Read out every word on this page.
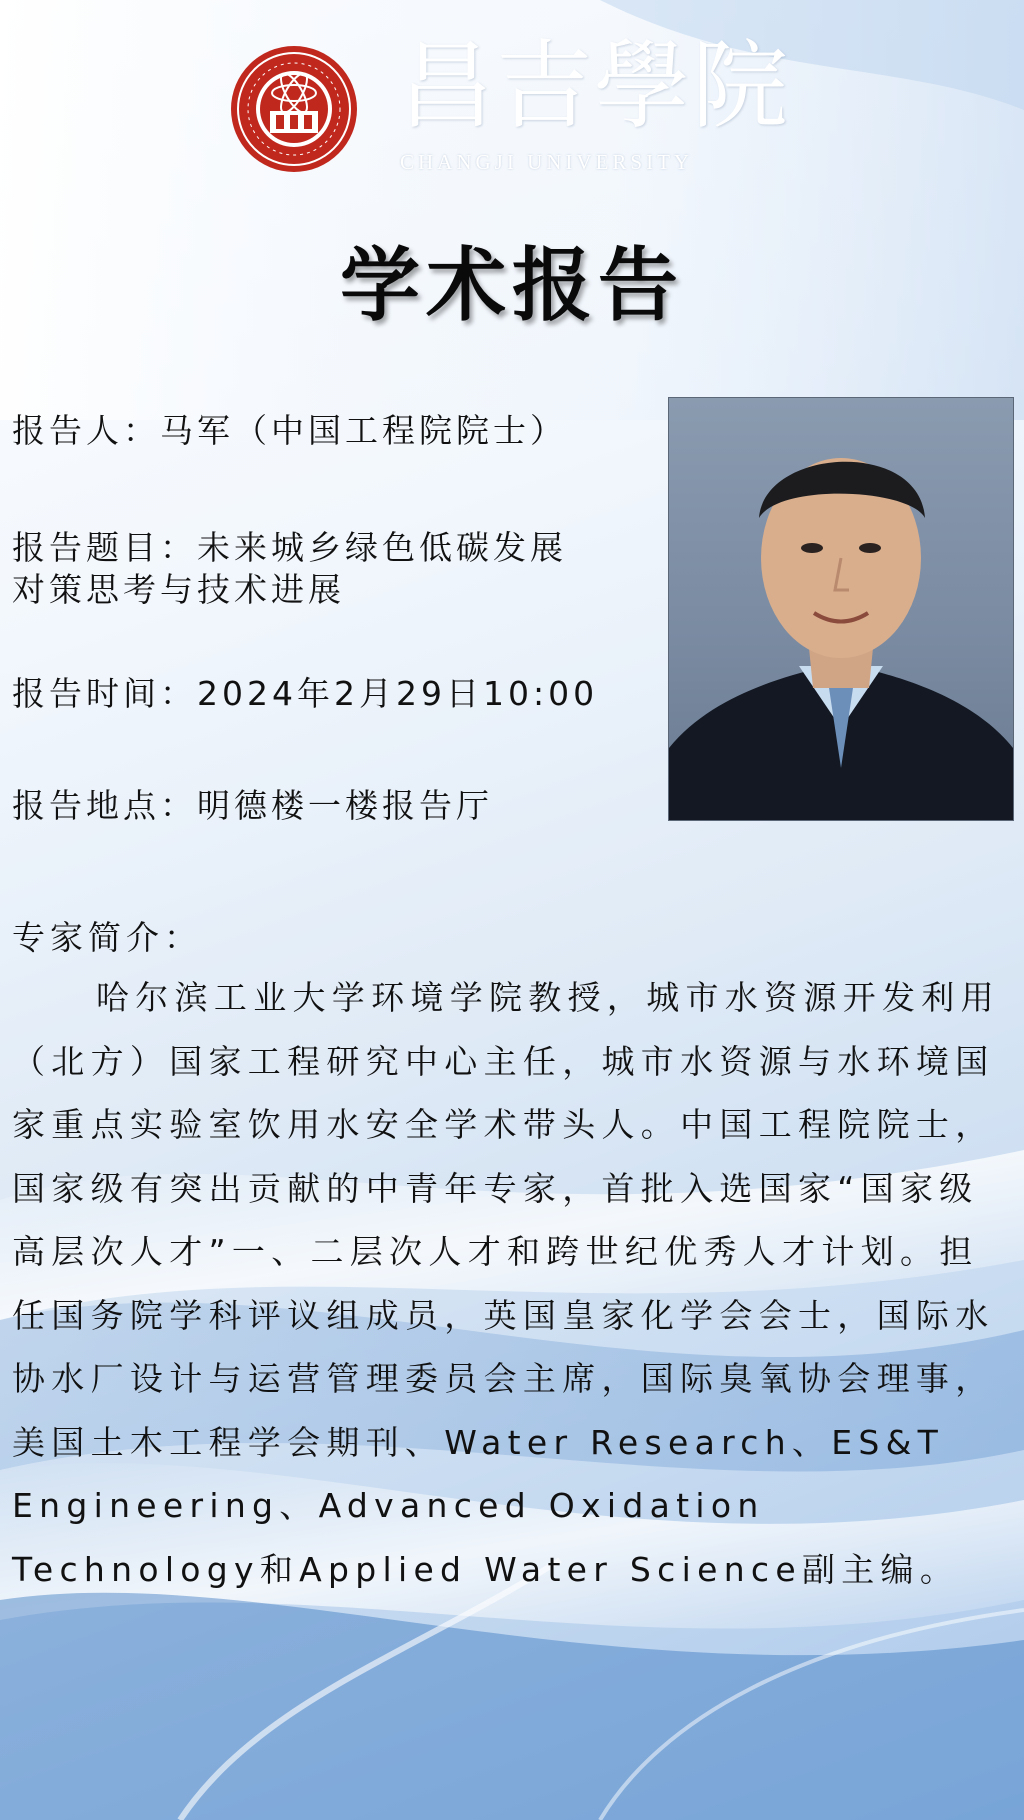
昌吉學院
CHANGJI UNIVERSITY
学术报告
报告人：马军（中国工程院院士）
报告题目：未来城乡绿色低碳发展
对策思考与技术进展
报告时间：2024年2月29日10:00
报告地点：明德楼一楼报告厅
专家简介：
哈尔滨工业大学环境学院教授，城市水资源开发利用（北方）国家工程研究中心主任，城市水资源与水环境国家重点实验室饮用水安全学术带头人。中国工程院院士，国家级有突出贡献的中青年专家，首批入选国家“国家级高层次人才”一、二层次人才和跨世纪优秀人才计划。担任国务院学科评议组成员，英国皇家化学会会士，国际水协水厂设计与运营管理委员会主席，国际臭氧协会理事，美国土木工程学会期刊、Water Research、ES&T Engineering、Advanced Oxidation Technology和Applied Water Science副主编。
